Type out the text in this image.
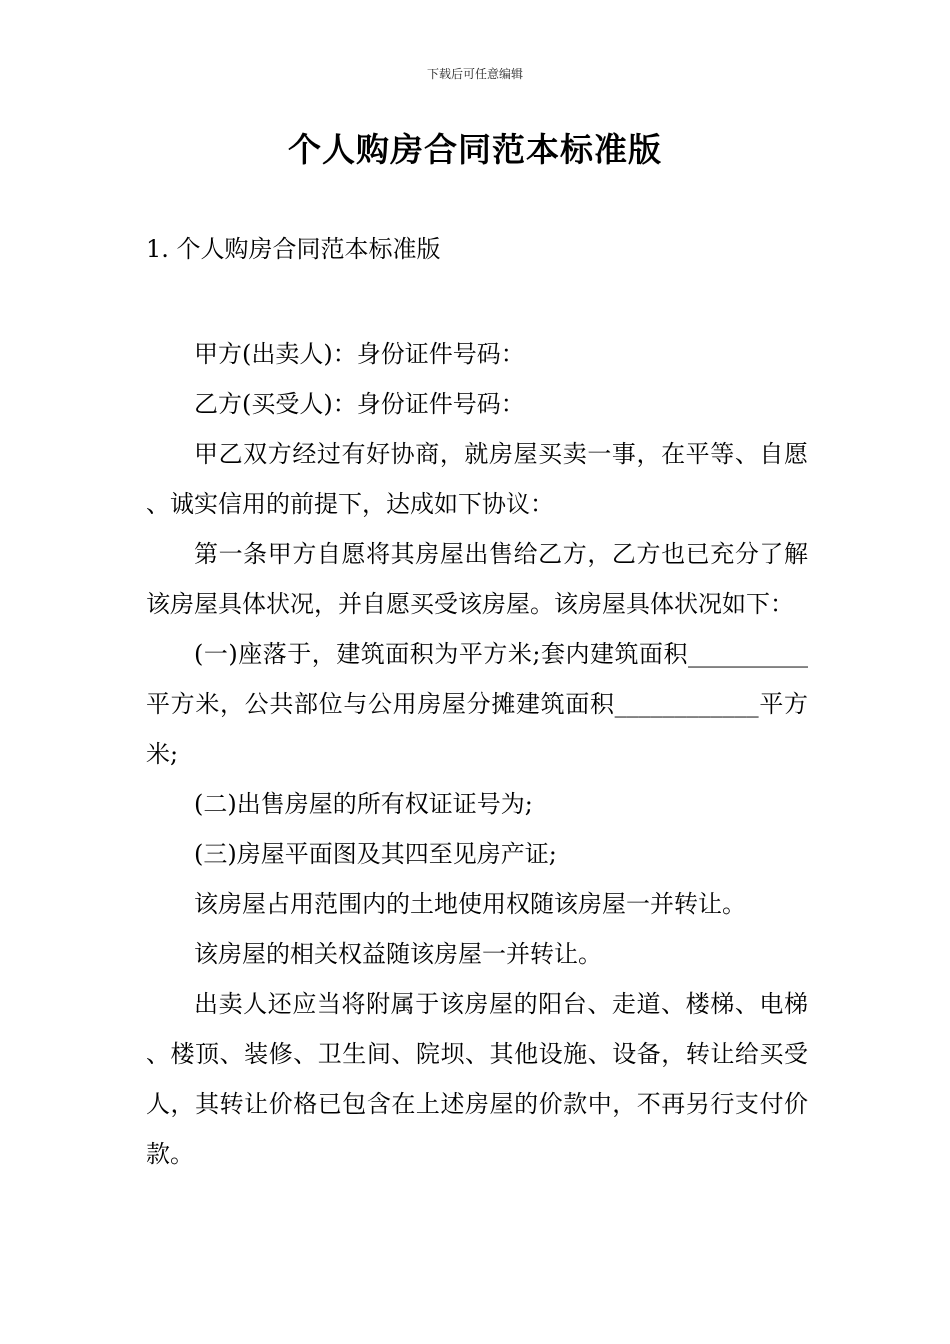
下载后可任意编辑
个人购房合同范本标准版
1. 个人购房合同范本标准版

甲方(出卖人)：身份证件号码：

乙方(买受人)：身份证件号码：

甲乙双方经过有好协商，就房屋买卖一事，在平等、自愿、诚实信用的前提下，达成如下协议：

第一条甲方自愿将其房屋出售给乙方，乙方也已充分了解该房屋具体状况，并自愿买受该房屋。该房屋具体状况如下：

(一)座落于，建筑面积为平方米;套内建筑面积__________平方米，公共部位与公用房屋分摊建筑面积____________平方米;

(二)出售房屋的所有权证证号为;

(三)房屋平面图及其四至见房产证;

该房屋占用范围内的土地使用权随该房屋一并转让。

该房屋的相关权益随该房屋一并转让。

出卖人还应当将附属于该房屋的阳台、走道、楼梯、电梯、楼顶、装修、卫生间、院坝、其他设施、设备，转让给买受人，其转让价格已包含在上述房屋的价款中，不再另行支付价款。
